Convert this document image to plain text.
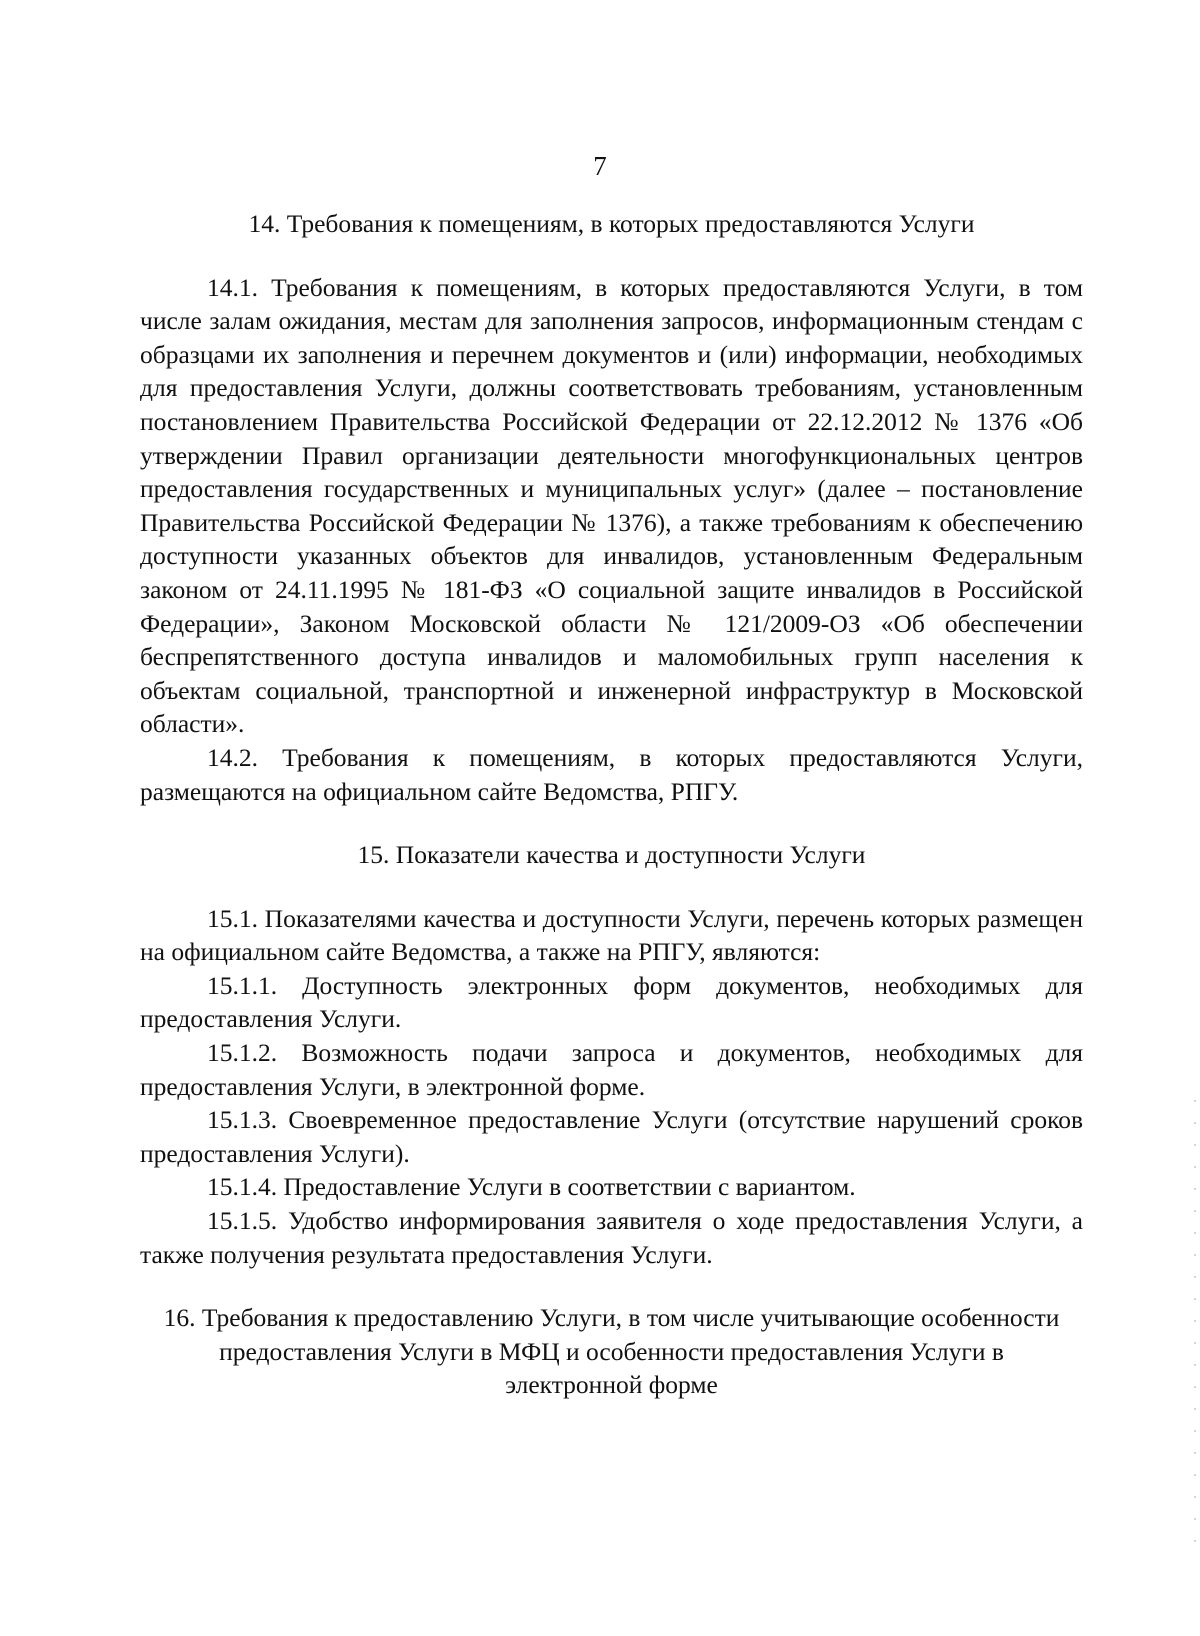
7
14. Требования к помещениям, в которых предоставляются Услуги

14.1. Требования к помещениям, в которых предоставляются Услуги, в том числе залам ожидания, местам для заполнения запросов, информационным стендам с образцами их заполнения и перечнем документов и (или) информации, необходимых для предоставления Услуги, должны соответствовать требованиям, установленным постановлением Правительства Российской Федерации от 22.12.2012 № 1376 «Об утверждении Правил организации деятельности многофункциональных центров предоставления государственных и муниципальных услуг» (далее – постановление Правительства Российской Федерации № 1376), а также требованиям к обеспечению доступности указанных объектов для инвалидов, установленным Федеральным законом от 24.11.1995 № 181-ФЗ «О социальной защите инвалидов в Российской Федерации», Законом Московской области № 121/2009-ОЗ «Об обеспечении беспрепятственного доступа инвалидов и маломобильных групп населения к объектам социальной, транспортной и инженерной инфраструктур в Московской области».

14.2. Требования к помещениям, в которых предоставляются Услуги, размещаются на официальном сайте Ведомства, РПГУ.

15. Показатели качества и доступности Услуги

15.1. Показателями качества и доступности Услуги, перечень которых размещен на официальном сайте Ведомства, а также на РПГУ, являются:

15.1.1. Доступность электронных форм документов, необходимых для предоставления Услуги.

15.1.2. Возможность подачи запроса и документов, необходимых для предоставления Услуги, в электронной форме.

15.1.3. Своевременное предоставление Услуги (отсутствие нарушений сроков предоставления Услуги).

15.1.4. Предоставление Услуги в соответствии с вариантом.

15.1.5. Удобство информирования заявителя о ходе предоставления Услуги, а также получения результата предоставления Услуги.

16. Требования к предоставлению Услуги, в том числе учитывающие особенности предоставления Услуги в МФЦ и особенности предоставления Услуги в электронной форме
